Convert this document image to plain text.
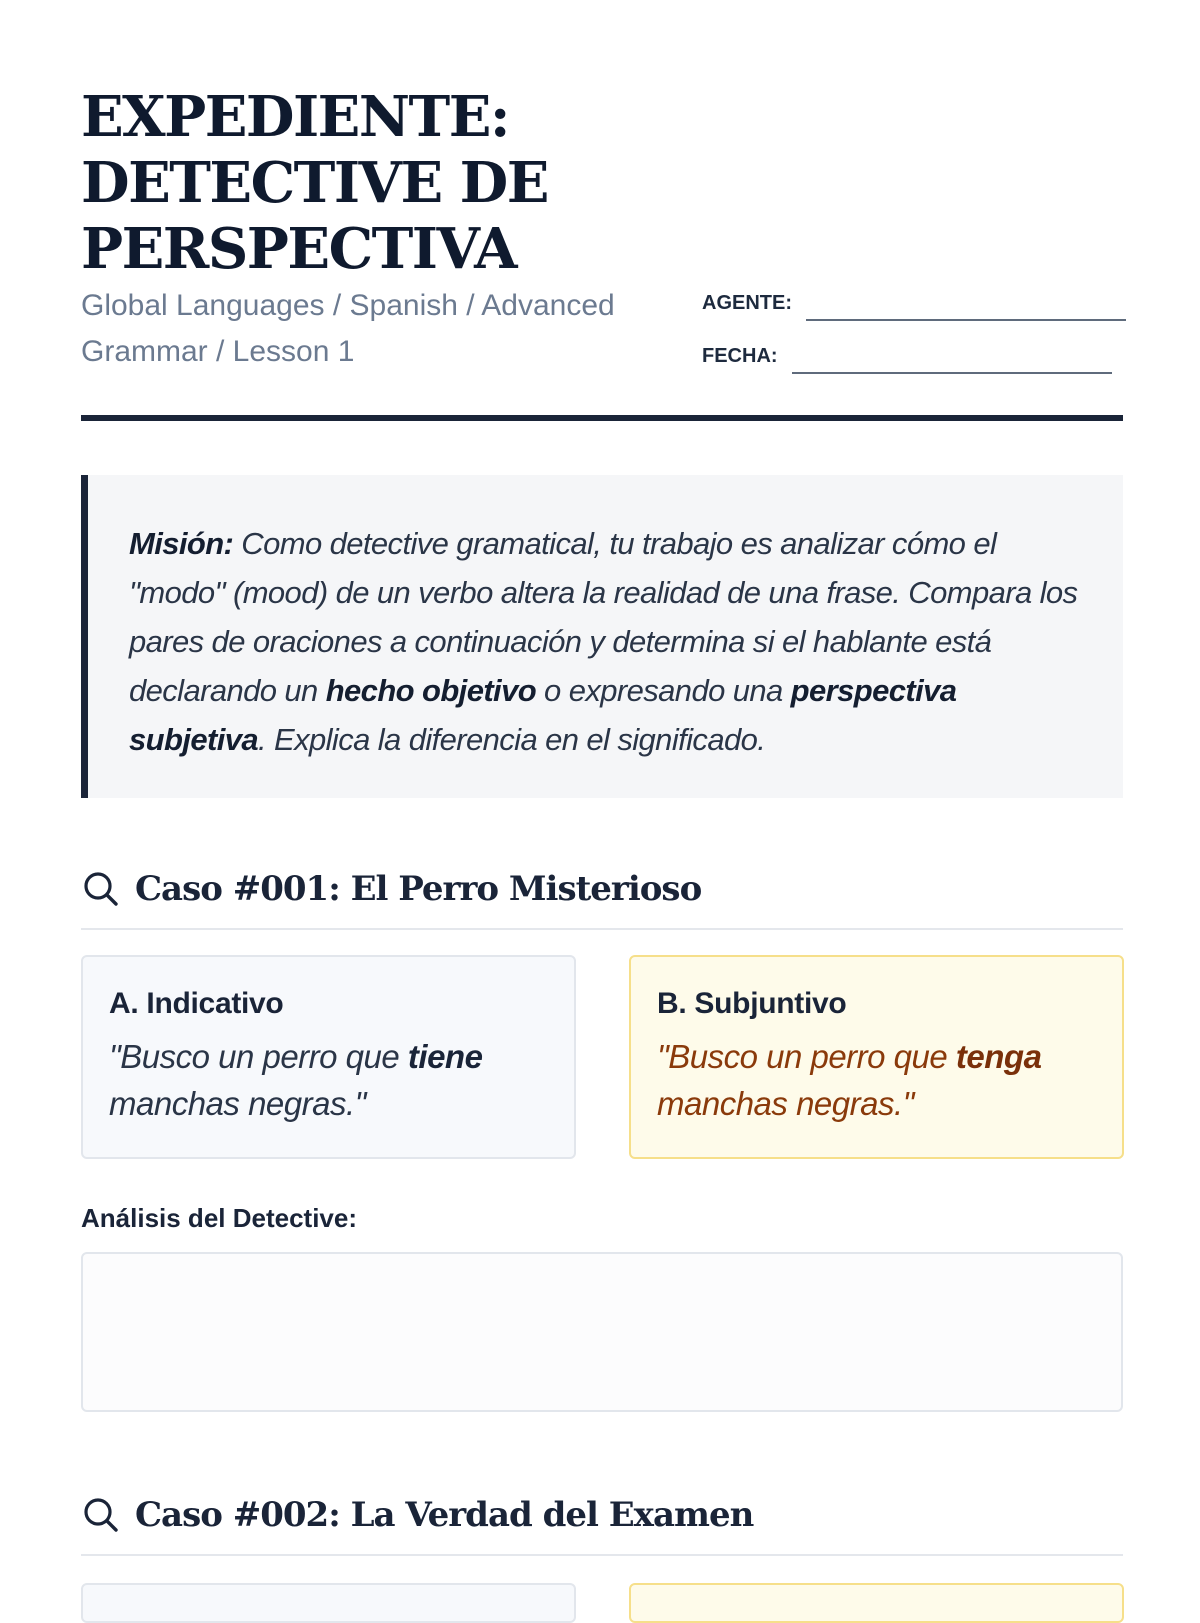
EXPEDIENTE:
DETECTIVE DE
PERSPECTIVA

Global Languages / Spanish / Advanced Grammar / Lesson 1

AGENTE:
FECHA:

Misión: Como detective gramatical, tu trabajo es analizar cómo el "modo" (mood) de un verbo altera la realidad de una frase. Compara los pares de oraciones a continuación y determina si el hablante está declarando un hecho objetivo o expresando una perspectiva subjetiva. Explica la diferencia en el significado.

Caso #001: El Perro Misterioso
A. Indicativo

"Busco un perro que tiene manchas negras."

B. Subjuntivo

"Busco un perro que tenga manchas negras."

Análisis del Detective:

Caso #002: La Verdad del Examen
